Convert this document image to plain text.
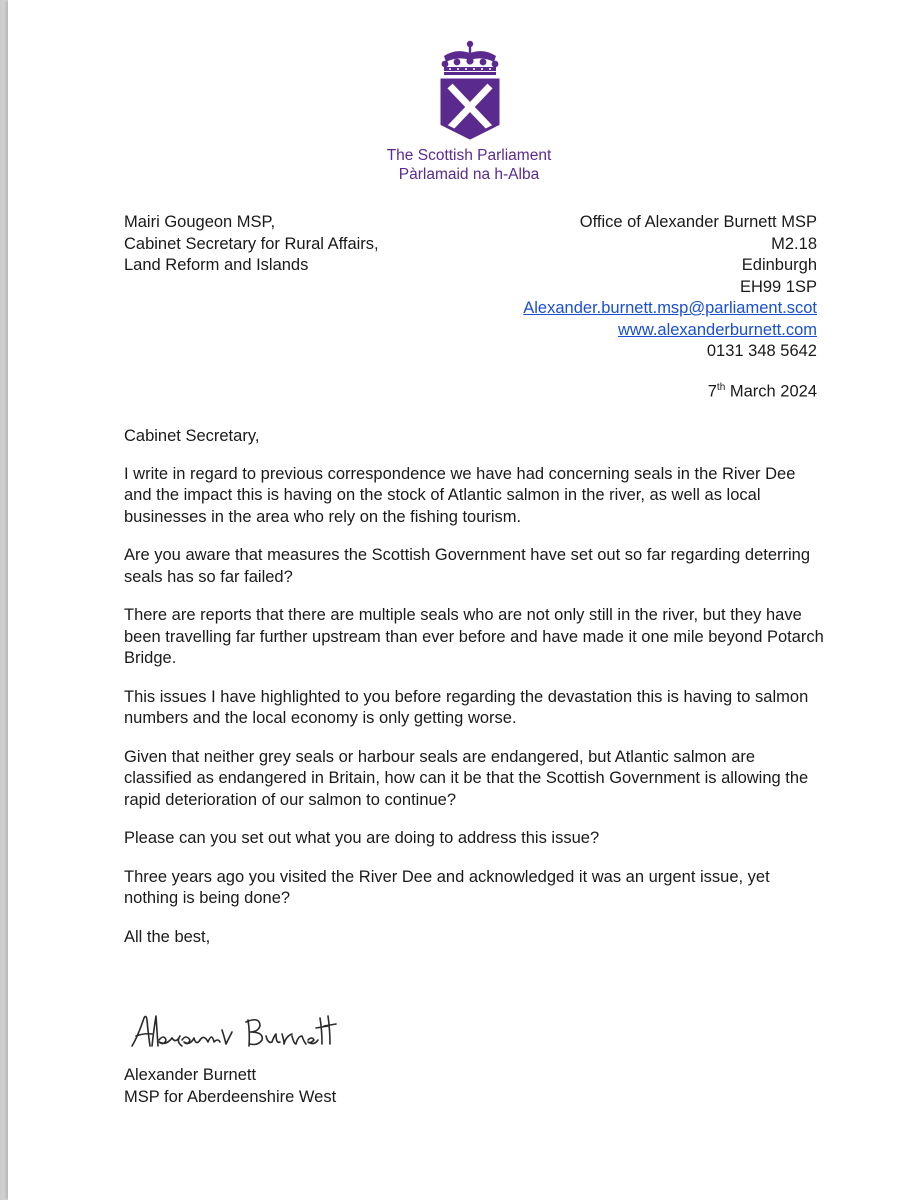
The Scottish Parliament
Pàrlamaid na h-Alba
Mairi Gougeon MSP,
Cabinet Secretary for Rural Affairs,
Land Reform and Islands
Office of Alexander Burnett MSP
M2.18
Edinburgh
EH99 1SP
Alexander.burnett.msp@parliament.scot
www.alexanderburnett.com
0131 348 5642
7th March 2024

Cabinet Secretary,

I write in regard to previous correspondence we have had concerning seals in the River Dee and the impact this is having on the stock of Atlantic salmon in the river, as well as local businesses in the area who rely on the fishing tourism.

Are you aware that measures the Scottish Government have set out so far regarding deterring seals has so far failed?

There are reports that there are multiple seals who are not only still in the river, but they have been travelling far further upstream than ever before and have made it one mile beyond Potarch Bridge.

This issues I have highlighted to you before regarding the devastation this is having to salmon numbers and the local economy is only getting worse.

Given that neither grey seals or harbour seals are endangered, but Atlantic salmon are classified as endangered in Britain, how can it be that the Scottish Government is allowing the rapid deterioration of our salmon to continue?

Please can you set out what you are doing to address this issue?

Three years ago you visited the River Dee and acknowledged it was an urgent issue, yet nothing is being done?

All the best,

Alexander Burnett
MSP for Aberdeenshire West
